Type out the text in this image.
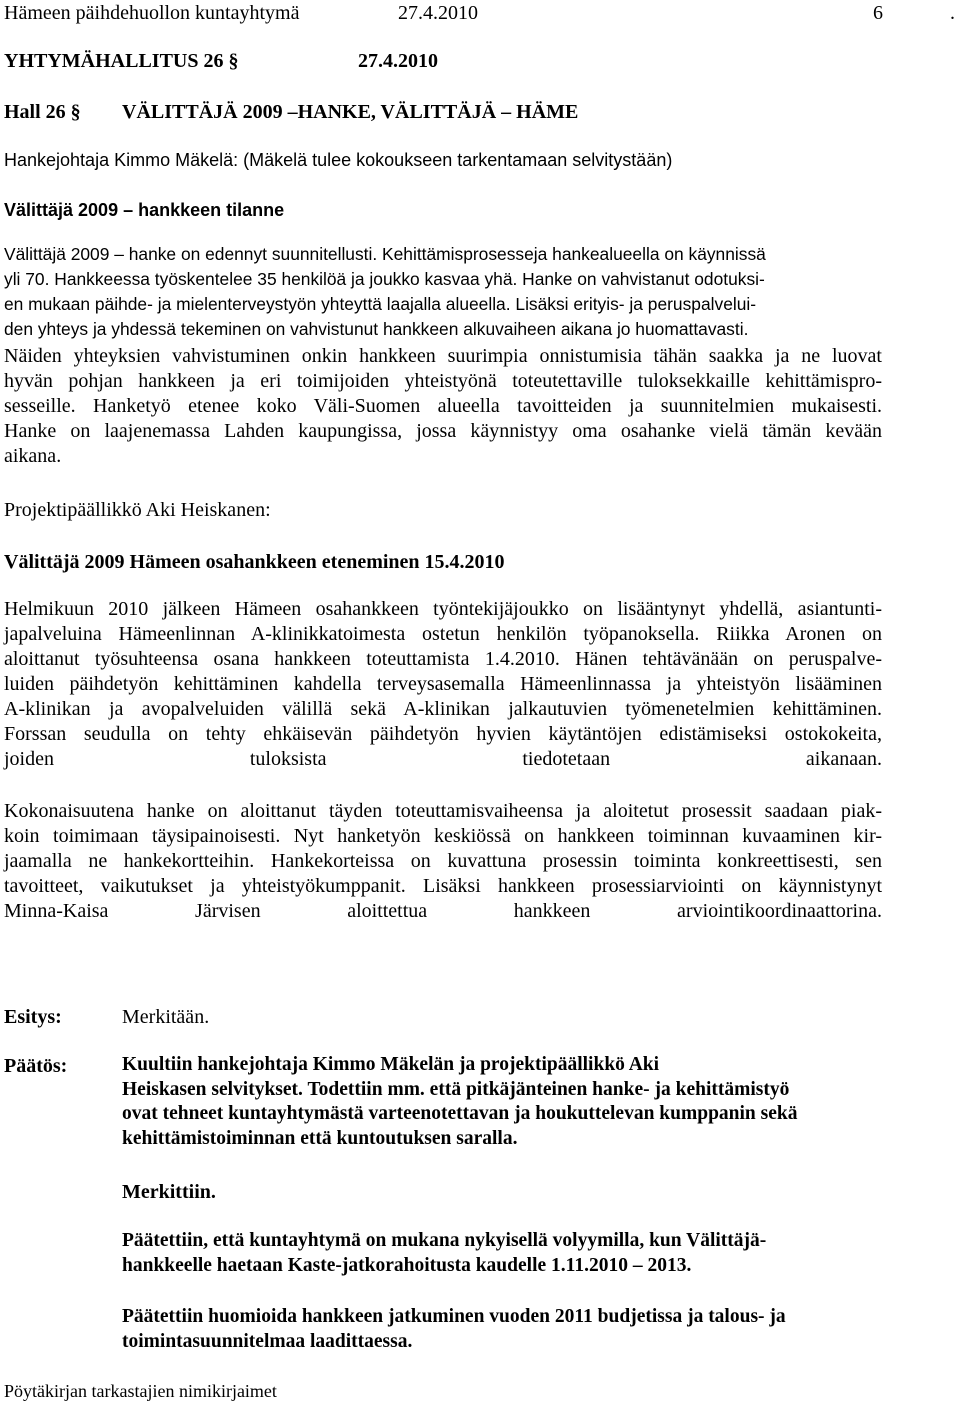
Hämeen päihdehuollon kuntayhtymä	27.4.2010	6	.
YHTYMÄHALLITUS 26 §	27.4.2010
Hall 26 § VÄLITTÄJÄ 2009 –HANKE, VÄLITTÄJÄ – HÄME
Hankejohtaja Kimmo Mäkelä: (Mäkelä tulee kokoukseen tarkentamaan selvitystään)
Välittäjä 2009 – hankkeen tilanne
Välittäjä 2009 – hanke on edennyt suunnitellusti. Kehittämisprosesseja hankealueella on käynnissä
yli 70. Hankkeessa työskentelee 35 henkilöä ja joukko kasvaa yhä. Hanke on vahvistanut odotuksi-
en mukaan päihde- ja mielenterveystyön yhteyttä laajalla alueella. Lisäksi erityis- ja peruspalvelui-
den yhteys ja yhdessä tekeminen on vahvistunut hankkeen alkuvaiheen aikana jo huomattavasti.
Näiden yhteyksien vahvistuminen onkin hankkeen suurimpia onnistumisia tähän saakka ja ne luovat
hyvän pohjan hankkeen ja eri toimijoiden yhteistyönä toteutettaville tuloksekkaille kehittämispro-
sesseille. Hanketyö etenee koko Väli-Suomen alueella tavoitteiden ja suunnitelmien mukaisesti.
Hanke on laajenemassa Lahden kaupungissa, jossa käynnistyy oma osahanke vielä tämän kevään
aikana.
Projektipäällikkö Aki Heiskanen:
Välittäjä 2009 Hämeen osahankkeen eteneminen 15.4.2010
Helmikuun 2010 jälkeen Hämeen osahankkeen työntekijäjoukko on lisääntynyt yhdellä, asiantunti-
japalveluina Hämeenlinnan A-klinikkatoimesta ostetun henkilön työpanoksella. Riikka Aronen on
aloittanut työsuhteensa osana hankkeen toteuttamista 1.4.2010. Hänen tehtävänään on peruspalve-
luiden päihdetyön kehittäminen kahdella terveysasemalla Hämeenlinnassa ja yhteistyön lisääminen
A-klinikan ja avopalveluiden välillä sekä A-klinikan jalkautuvien työmenetelmien kehittäminen.
Forssan seudulla on tehty ehkäisevän päihdetyön hyvien käytäntöjen edistämiseksi ostokokeita,
joiden tuloksista tiedotetaan aikanaan.
Kokonaisuutena hanke on aloittanut täyden toteuttamisvaiheensa ja aloitetut prosessit saadaan piak-
koin toimimaan täysipainoisesti. Nyt hanketyön keskiössä on hankkeen toiminnan kuvaaminen kir-
jaamalla ne hankekortteihin. Hankekorteissa on kuvattuna prosessin toiminta konkreettisesti, sen
tavoitteet, vaikutukset ja yhteistyökumppanit. Lisäksi hankkeen prosessiarviointi on käynnistynyt
Minna-Kaisa Järvisen aloittettua hankkeen arviointikoordinaattorina.
Esitys:	Merkitään.
Päätös:	Kuultiin hankejohtaja Kimmo Mäkelän ja projektipäällikkö Aki
Heiskasen selvitykset. Todettiin mm. että pitkäjänteinen hanke- ja kehittämistyö
ovat tehneet kuntayhtymästä varteenotettavan ja houkuttelevan kumppanin sekä
kehittämistoiminnan että kuntoutuksen saralla.
Merkittiin.
Päätettiin, että kuntayhtymä on mukana nykyisellä volyymilla, kun Välittäjä-
hankkeelle haetaan Kaste-jatkorahoitusta kaudelle 1.11.2010 – 2013.
Päätettiin huomioida hankkeen jatkuminen vuoden 2011 budjetissa ja talous- ja
toimintasuunnitelmaa laadittaessa.
Pöytäkirjan tarkastajien nimikirjaimet
